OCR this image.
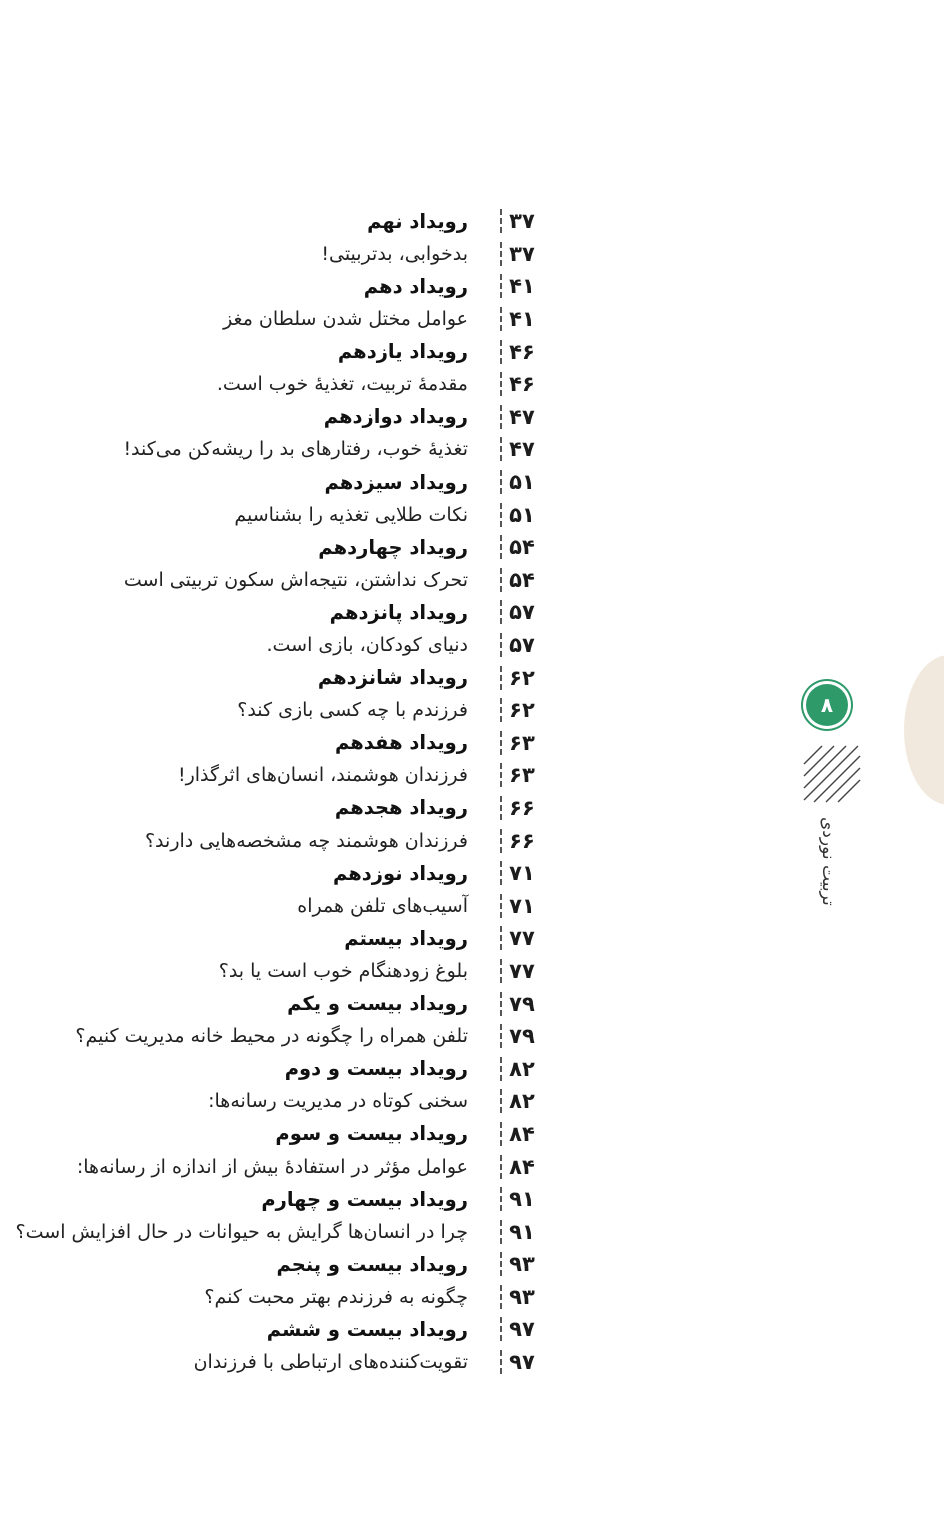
۳۷
رویداد نهم
۳۷
بدخوابی، بدتربیتی!
۴۱
رویداد دهم
۴۱
عوامل مختل شدن سلطان مغز
۴۶
رویداد یازدهم
۴۶
مقدمهٔ تربیت، تغذیهٔ خوب است.
۴۷
رویداد دوازدهم
۴۷
تغذیهٔ خوب، رفتارهای بد را ریشه‌کن می‌کند!
۵۱
رویداد سیزدهم
۵۱
نکات طلایی تغذیه را بشناسیم
۵۴
رویداد چهاردهم
۵۴
تحرک نداشتن، نتیجه‌اش سکون تربیتی است
۵۷
رویداد پانزدهم
۵۷
دنیای کودکان، بازی است.
۶۲
رویداد شانزدهم
۶۲
فرزندم با چه کسی بازی کند؟
۶۳
رویداد هفدهم
۶۳
فرزندان هوشمند، انسان‌های اثرگذار!
۶۶
رویداد هجدهم
۶۶
فرزندان هوشمند چه مشخصه‌هایی دارند؟
۷۱
رویداد نوزدهم
۷۱
آسیب‌های تلفن همراه
۷۷
رویداد بیستم
۷۷
بلوغ زودهنگام خوب است یا بد؟
۷۹
رویداد بیست و یکم
۷۹
تلفن همراه را چگونه در محیط خانه مدیریت کنیم؟
۸۲
رویداد بیست و دوم
۸۲
سخنی کوتاه در مدیریت رسانه‌ها:
۸۴
رویداد بیست و سوم
۸۴
عوامل مؤثر در استفادهٔ بیش از اندازه از رسانه‌ها:
۹۱
رویداد بیست و چهارم
۹۱
چرا در انسان‌ها گرایش به حیوانات در حال افزایش است؟
۹۳
رویداد بیست و پنجم
۹۳
چگونه به فرزندم بهتر محبت کنم؟
۹۷
رویداد بیست و ششم
۹۷
تقویت‌کننده‌های ارتباطی با فرزندان
۸
تربیت نوردی
